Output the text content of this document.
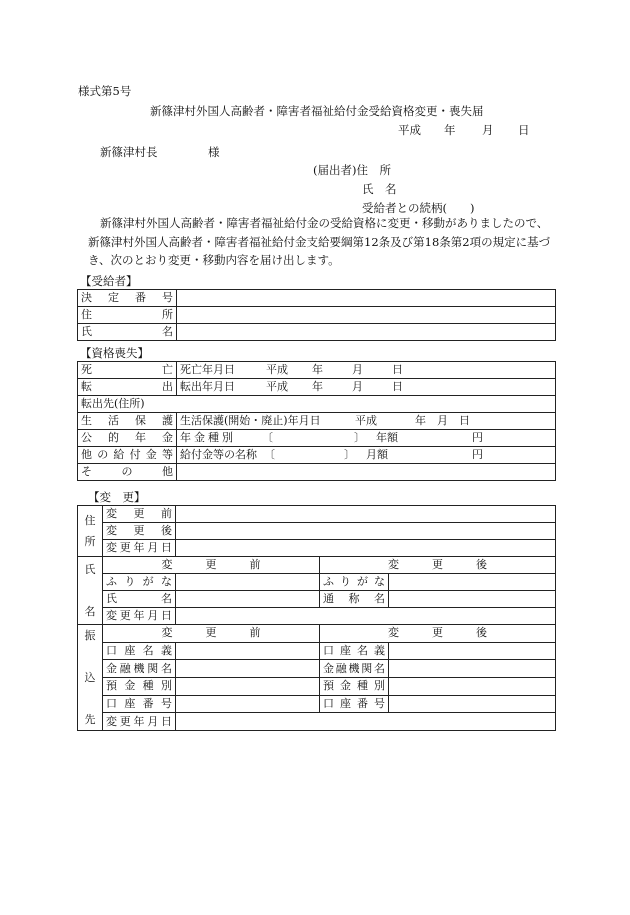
様式第5号
新篠津村外国人高齢者・障害者福祉給付金受給資格変更・喪失届
平成 年 月 日
新篠津村長	様
(届出者)住　所
氏　名
受給者との続柄(　　)
新篠津村外国人高齢者・障害者福祉給付金の受給資格に変更・移動がありましたので、
新篠津村外国人高齢者・障害者福祉給付金支給要綱第12条及び第18条第2項の規定に基づ
き、次のとおり変更・移動内容を届け出します。
【受給者】
決定番号	
住所	
氏名	
【資格喪失】
死亡	死亡年月日 平成 年 月 日
転出	転出年月日 平成 年 月 日
転出先(住所)	
生活保護	生活保護(開始・廃止)年月日 平成 年 月 日
公的年金	年金種別 〔 〕 年額 円
他の給付金等	給付金等の名称 〔 〕 月額 円
その他	
【変　更】
住
所	変更前			
	変更後			
	変更年月日			
氏

名	変　　　更　　　前		変　　　更　　　後	
	ふりがな		ふりがな	
	氏名		通称名	
	変更年月日			
振

込

先	変　　　更　　　前		変　　　更　　　後	
	口座名義		口座名義	
	金融機関名		金融機関名	
	預金種別		預金種別	
	口座番号		口座番号	
	変更年月日			
